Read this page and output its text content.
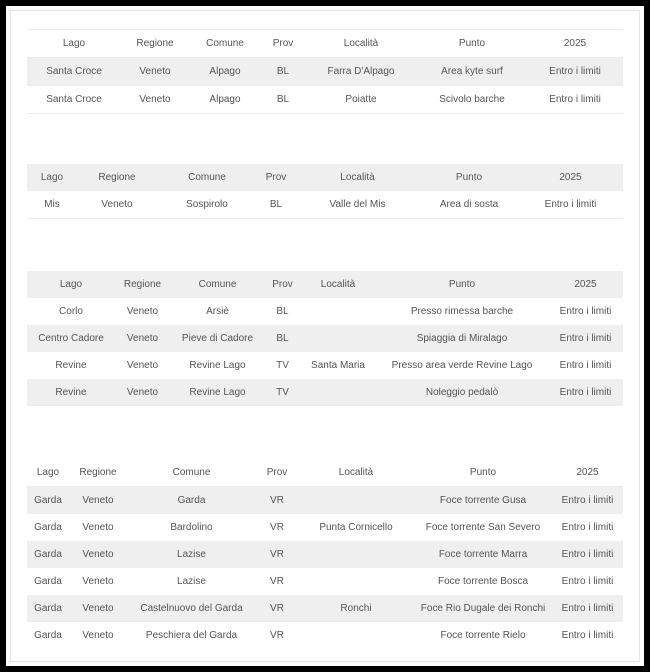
Lago	Regione	Comune	Prov	Località	Punto	2025
Santa Croce	Veneto	Alpago	BL	Farra D'Alpago	Area kyte surf	Entro i limiti
Santa Croce	Veneto	Alpago	BL	Poiatte	Scivolo barche	Entro i limiti
Lago	Regione	Comune	Prov	Località	Punto	2025
Mis	Veneto	Sospirolo	BL	Valle del Mis	Area di sosta	Entro i limiti
Lago	Regione	Comune	Prov	Località	Punto	2025
Corlo	Veneto	Arsiè	BL		Presso rimessa barche	Entro i limiti
Centro Cadore	Veneto	Pieve di Cadore	BL		Spiaggia di Miralago	Entro i limiti
Revine	Veneto	Revine Lago	TV	Santa Maria	Presso area verde Revine Lago	Entro i limiti
Revine	Veneto	Revine Lago	TV		Noleggio pedalò	Entro i limiti
Lago	Regione	Comune	Prov	Località	Punto	2025
Garda	Veneto	Garda	VR		Foce torrente Gusa	Entro i limiti
Garda	Veneto	Bardolino	VR	Punta Cornicello	Foce torrente San Severo	Entro i limiti
Garda	Veneto	Lazise	VR		Foce torrente Marra	Entro i limiti
Garda	Veneto	Lazise	VR		Foce torrente Bosca	Entro i limiti
Garda	Veneto	Castelnuovo del Garda	VR	Ronchi	Foce Rio Dugale dei Ronchi	Entro i limiti
Garda	Veneto	Peschiera del Garda	VR		Foce torrente Rielo	Entro i limiti
